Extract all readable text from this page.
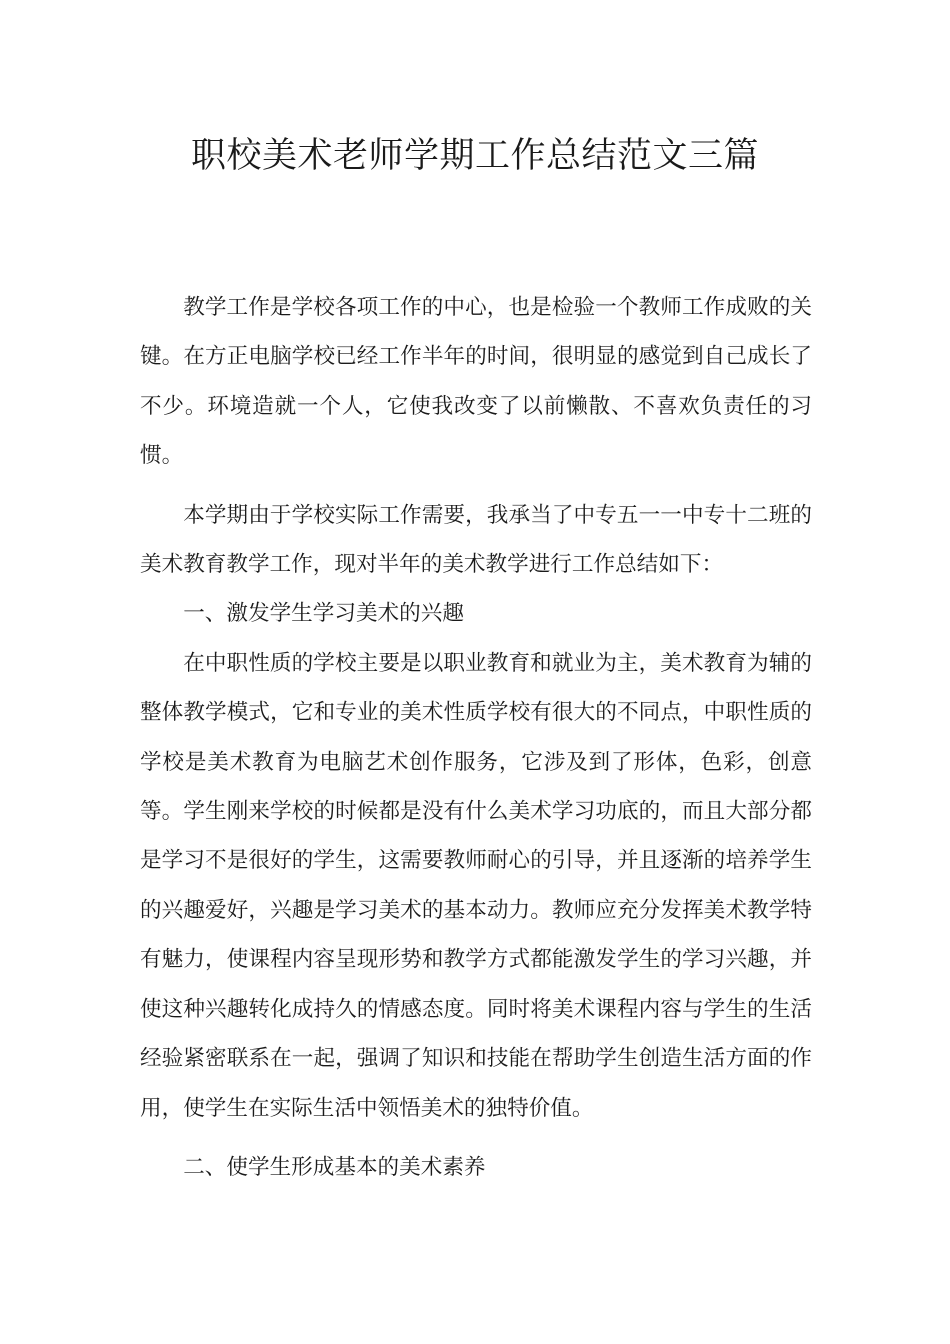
职校美术老师学期工作总结范文三篇

教学工作是学校各项工作的中心，也是检验一个教师工作成败的关键。在方正电脑学校已经工作半年的时间，很明显的感觉到自己成长了不少。环境造就一个人，它使我改变了以前懒散、不喜欢负责任的习惯。

本学期由于学校实际工作需要，我承当了中专五一一中专十二班的美术教育教学工作，现对半年的美术教学进行工作总结如下：

一、激发学生学习美术的兴趣

在中职性质的学校主要是以职业教育和就业为主，美术教育为辅的整体教学模式，它和专业的美术性质学校有很大的不同点，中职性质的学校是美术教育为电脑艺术创作服务，它涉及到了形体，色彩，创意等。学生刚来学校的时候都是没有什么美术学习功底的，而且大部分都是学习不是很好的学生，这需要教师耐心的引导，并且逐渐的培养学生的兴趣爱好，兴趣是学习美术的基本动力。教师应充分发挥美术教学特有魅力，使课程内容呈现形势和教学方式都能激发学生的学习兴趣，并使这种兴趣转化成持久的情感态度。同时将美术课程内容与学生的生活经验紧密联系在一起，强调了知识和技能在帮助学生创造生活方面的作用，使学生在实际生活中领悟美术的独特价值。

二、使学生形成基本的美术素养
